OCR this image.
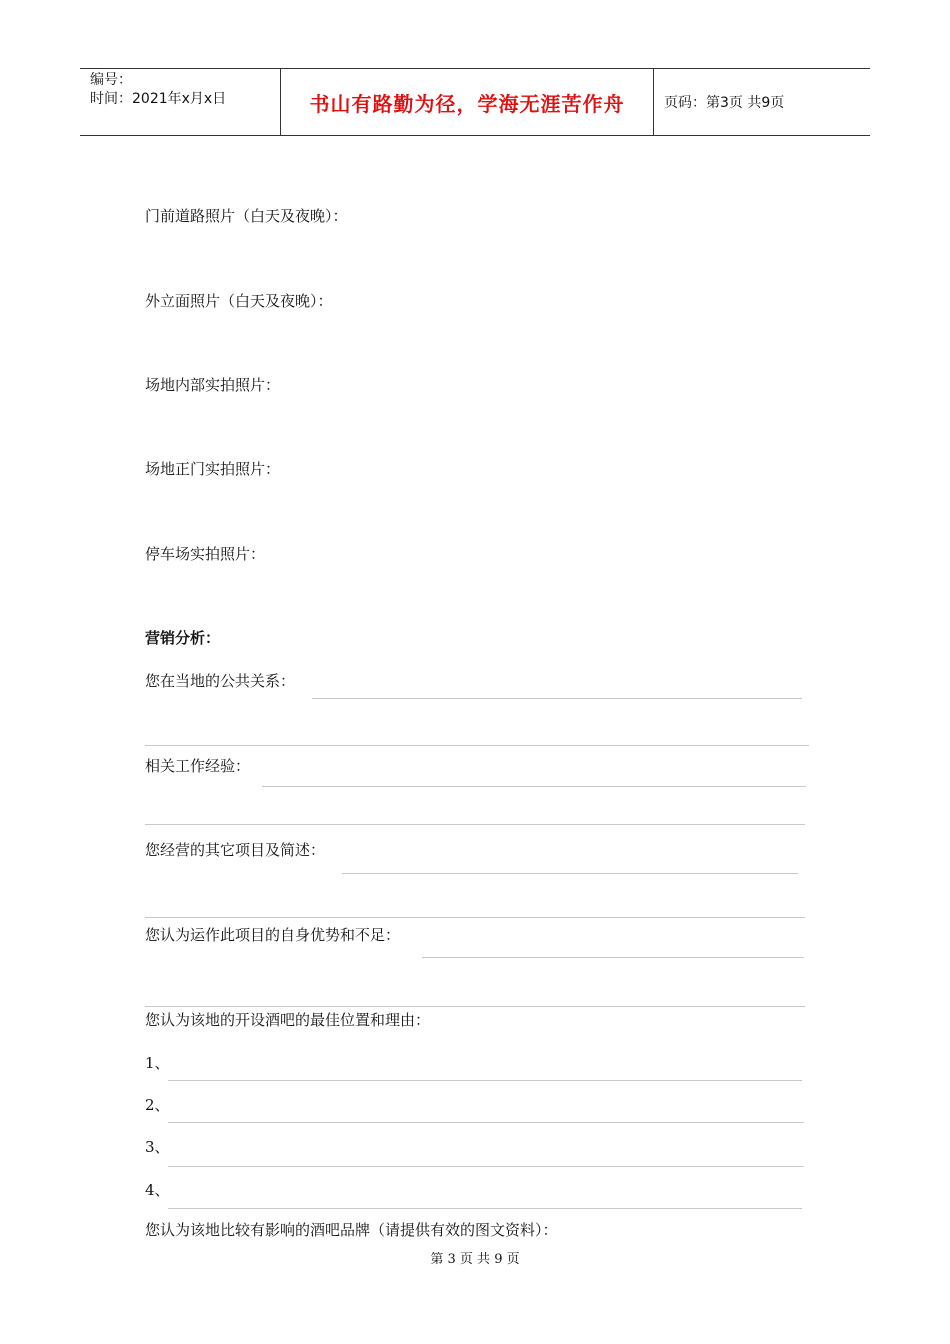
编号：
时间：2021年x月x日	书山有路勤为径，学海无涯苦作舟	页码：第3页 共9页
门前道路照片（白天及夜晚）：
外立面照片（白天及夜晚）：
场地内部实拍照片：
场地正门实拍照片：
停车场实拍照片：
营销分析：
您在当地的公共关系：
相关工作经验：
您经营的其它项目及简述：
您认为运作此项目的自身优势和不足：
您认为该地的开设酒吧的最佳位置和理由：
1、
2、
3、
4、
您认为该地比较有影响的酒吧品牌（请提供有效的图文资料）：
第 3 页 共 9 页
